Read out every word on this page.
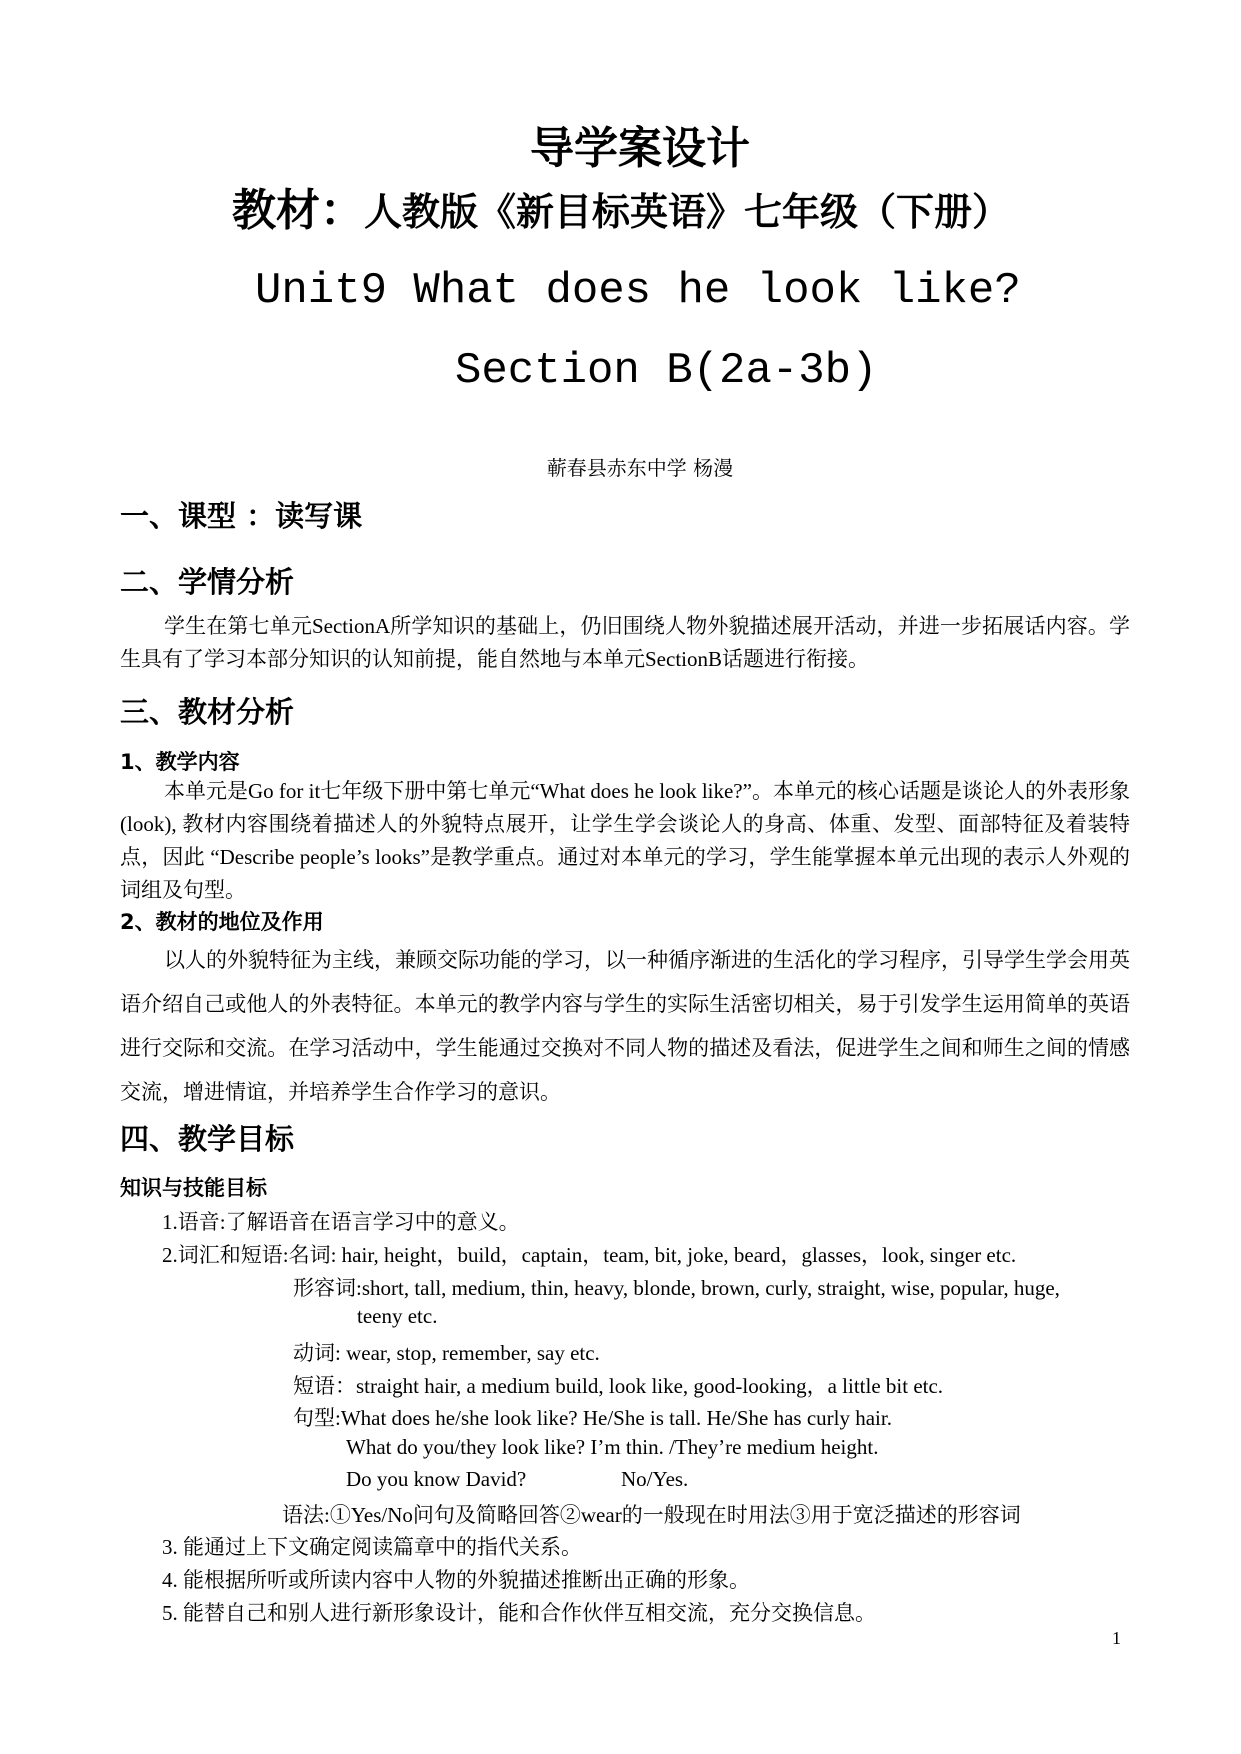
导学案设计
教材：人教版《新目标英语》七年级（下册）
Unit9 What does he look like?
Section B(2a-3b)
蕲春县赤东中学 杨漫
一、课型 ：读写课
二、学情分析
学生在第七单元SectionA所学知识的基础上，仍旧围绕人物外貌描述展开活动，并进一步拓展话内容。学生具有了学习本部分知识的认知前提，能自然地与本单元SectionB话题进行衔接。
三、教材分析
1、教学内容
本单元是Go for it七年级下册中第七单元“What does he look like?”。本单元的核心话题是谈论人的外表形象(look), 教材内容围绕着描述人的外貌特点展开，让学生学会谈论人的身高、体重、发型、面部特征及着装特点，因此 “Describe people’s looks”是教学重点。通过对本单元的学习，学生能掌握本单元出现的表示人外观的词组及句型。
2、教材的地位及作用
以人的外貌特征为主线，兼顾交际功能的学习，以一种循序渐进的生活化的学习程序，引导学生学会用英语介绍自己或他人的外表特征。本单元的教学内容与学生的实际生活密切相关，易于引发学生运用简单的英语进行交际和交流。在学习活动中，学生能通过交换对不同人物的描述及看法，促进学生之间和师生之间的情感交流，增进情谊，并培养学生合作学习的意识。
四、教学目标
知识与技能目标
1.语音:了解语音在语言学习中的意义。
2.词汇和短语:名词: hair, height，build，captain，team, bit, joke, beard，glasses，look, singer etc.
形容词:short, tall, medium, thin, heavy, blonde, brown, curly, straight, wise, popular, huge,
teeny etc.
动词: wear, stop, remember, say etc.
短语：straight hair, a medium build, look like, good-looking，a little bit etc.
句型:What does he/she look like? He/She is tall. He/She has curly hair.
What do you/they look like? I’m thin. /They’re medium height.
Do you know David?	No/Yes.
语法:①Yes/No问句及简略回答②wear的一般现在时用法③用于宽泛描述的形容词
3. 能通过上下文确定阅读篇章中的指代关系。
4. 能根据所听或所读内容中人物的外貌描述推断出正确的形象。
5. 能替自己和别人进行新形象设计，能和合作伙伴互相交流，充分交换信息。
1
